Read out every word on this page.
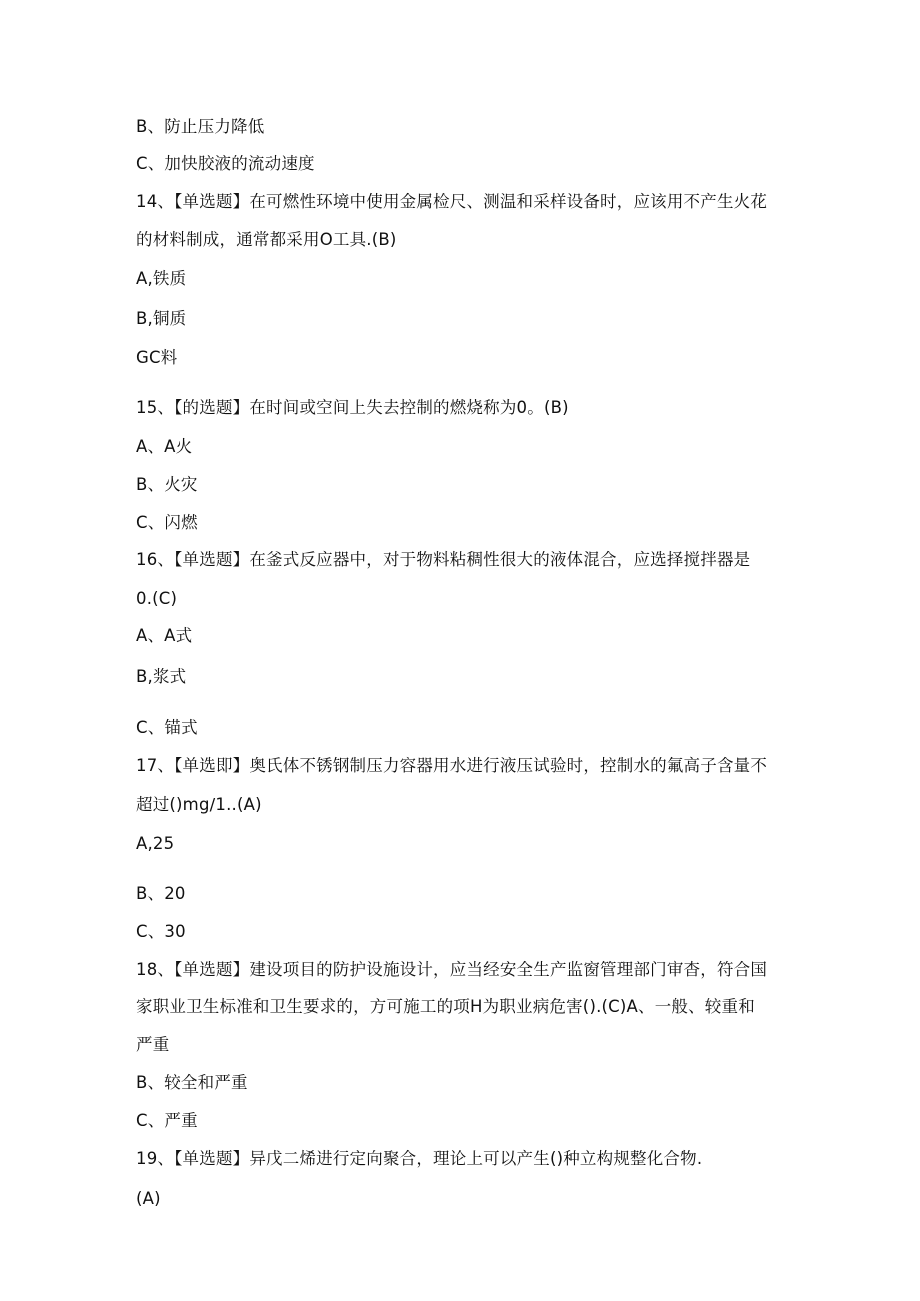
B、防止压力降低
C、加快胶液的流动速度
14、【单选题】在可燃性环境中使用金属检尺、测温和采样设备时，应该用不产生火花
的材料制成，通常都采用O工具.(B)
A,铁质
B,铜质
GC料
15、【的选题】在时间或空间上失去控制的燃烧称为0。(B)
A、A火
B、火灾
C、闪燃
16、【单选题】在釜式反应器中，对于物料粘稠性很大的液体混合，应选择搅拌器是
0.(C)
A、A式
B,浆式
C、锚式
17、【单选即】奥氏体不锈钢制压力容器用水进行液压试验时，控制水的氟高子含量不
超过()mg∕1..(A)
A,25
B、20
C、30
18、【单选题】建设项目的防护设施设计，应当经安全生产监窗管理部门审杳，符合国
家职业卫生标准和卫生要求的，方可施工的项H为职业病危害().(C)A、一般、较重和
严重
B、较全和严重
C、严重
19、【单选题】异戊二烯进行定向聚合，理论上可以产生()种立构规整化合物.
(A)
